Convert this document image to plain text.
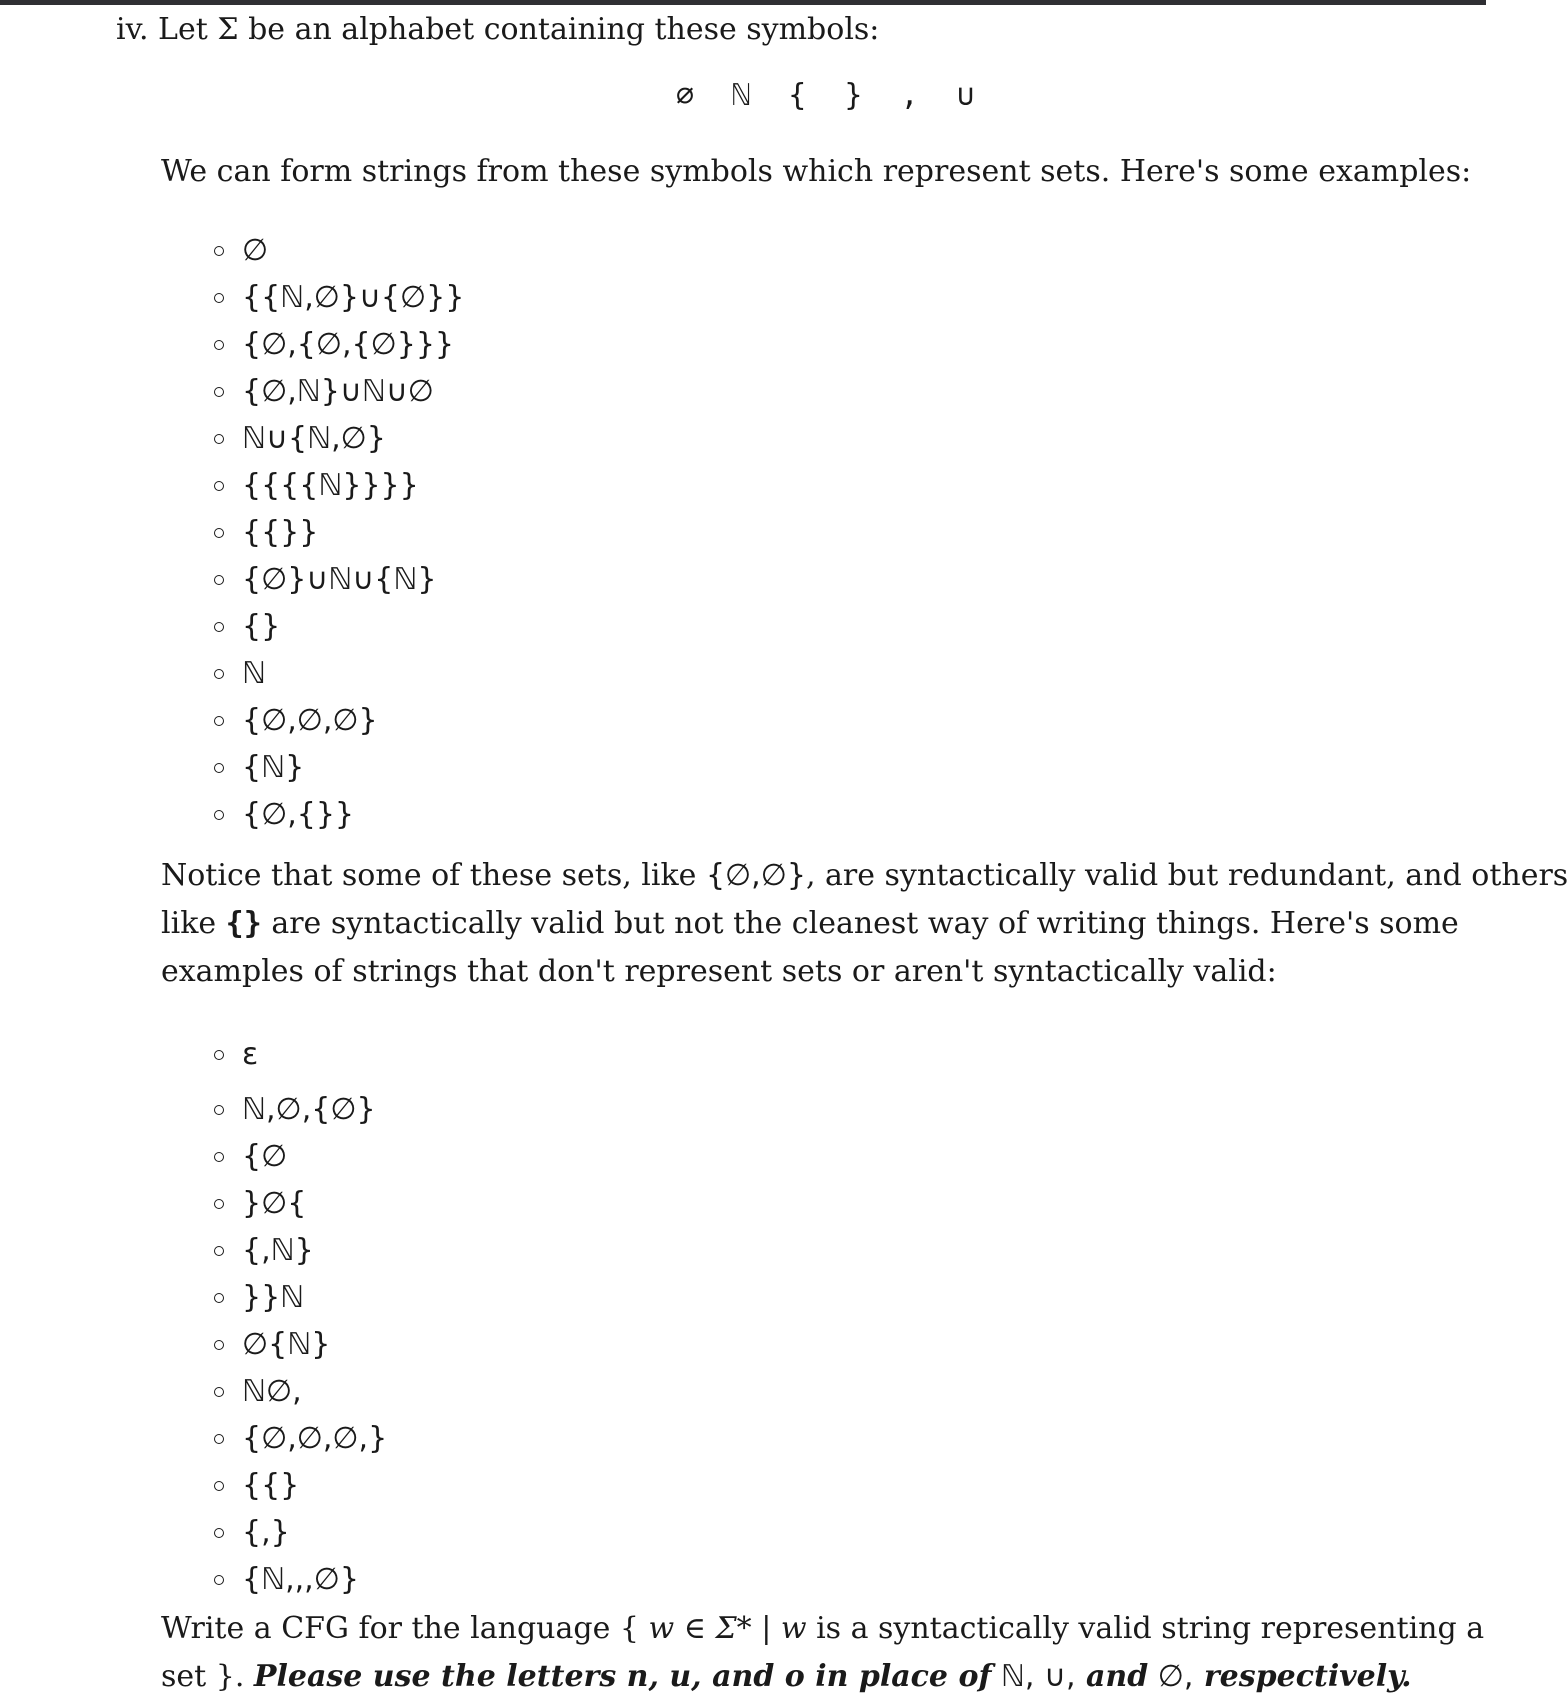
iv. Let Σ be an alphabet containing these symbols:
∅ ℕ { } , ∪
We can form strings from these symbols which represent sets. Here's some examples:
∅
{{ℕ,∅}∪{∅}}
{∅,{∅,{∅}}}
{∅,ℕ}∪ℕ∪∅
ℕ∪{ℕ,∅}
{{{{ℕ}}}}
{{}}
{∅}∪ℕ∪{ℕ}
{}
ℕ
{∅,∅,∅}
{ℕ}
{∅,{}}
Notice that some of these sets, like {∅,∅}, are syntactically valid but redundant, and others
like {} are syntactically valid but not the cleanest way of writing things. Here's some
examples of strings that don't represent sets or aren't syntactically valid:
ε
ℕ,∅,{∅}
{∅
}∅{
{,ℕ}
}}ℕ
∅{ℕ}
ℕ∅,
{∅,∅,∅,}
{{}
{,}
{ℕ,,,∅}
Write a CFG for the language { w ∈ Σ* | w is a syntactically valid string representing a
set }. Please use the letters n, u, and o in place of ℕ, ∪, and ∅, respectively.
